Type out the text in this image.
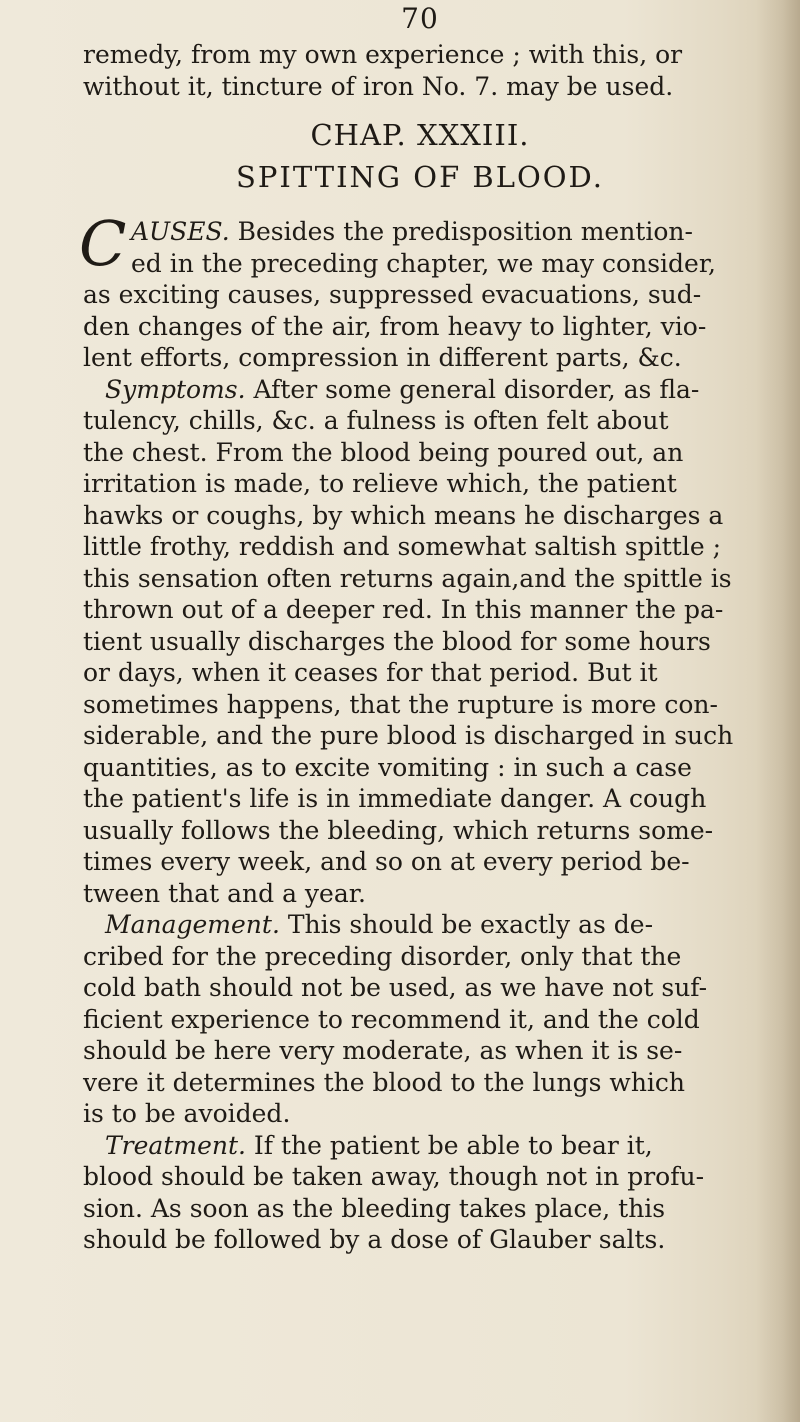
70
remedy, from my own experience ; with this, or
without it, tincture of iron No. 7. may be used.
CHAP. XXXIII.
SPITTING OF BLOOD.
C AUSES. Besides the predisposition mention-
ed in the preceding chapter, we may consider,
as exciting causes, suppressed evacuations, sud-
den changes of the air, from heavy to lighter, vio-
lent efforts, compression in different parts, &c.
Symptoms. After some general disorder, as fla-
tulency, chills, &c. a fulness is often felt about
the chest. From the blood being poured out, an
irritation is made, to relieve which, the patient
hawks or coughs, by which means he discharges a
little frothy, reddish and somewhat saltish spittle ;
this sensation often returns again,and the spittle is
thrown out of a deeper red. In this manner the pa-
tient usually discharges the blood for some hours
or days, when it ceases for that period. But it
sometimes happens, that the rupture is more con-
siderable, and the pure blood is discharged in such
quantities, as to excite vomiting : in such a case
the patient's life is in immediate danger. A cough
usually follows the bleeding, which returns some-
times every week, and so on at every period be-
tween that and a year.
Management. This should be exactly as de-
cribed for the preceding disorder, only that the
cold bath should not be used, as we have not suf-
ficient experience to recommend it, and the cold
should be here very moderate, as when it is se-
vere it determines the blood to the lungs which
is to be avoided.
Treatment. If the patient be able to bear it,
blood should be taken away, though not in profu-
sion. As soon as the bleeding takes place, this
should be followed by a dose of Glauber salts.
